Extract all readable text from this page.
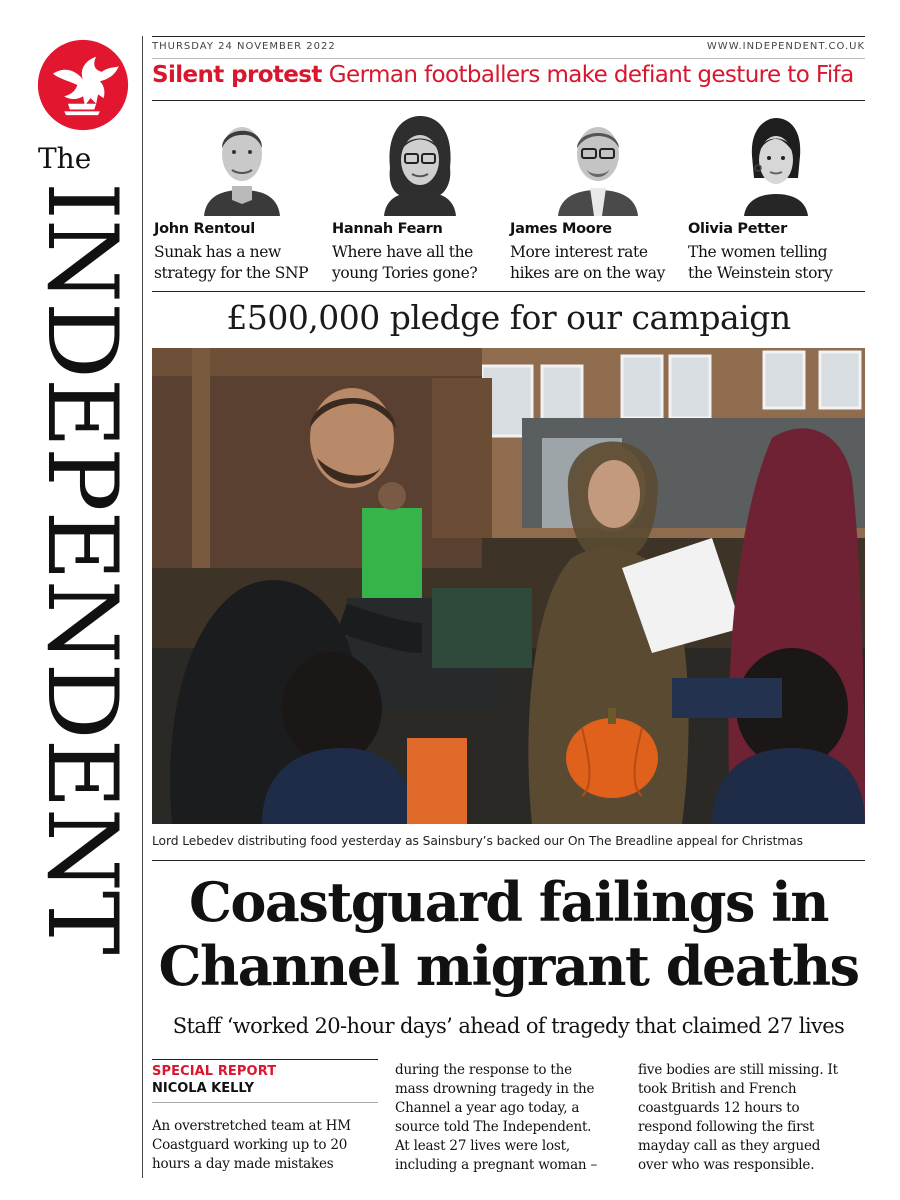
The
INDEPENDENT
THURSDAY 24 NOVEMBER 2022	WWW.INDEPENDENT.CO.UK
Silent protest German footballers make defiant gesture to Fifa
John Rentoul
Sunak has a new
strategy for the SNP
Hannah Fearn
Where have all the
young Tories gone?
James Moore
More interest rate
hikes are on the way
Olivia Petter
The women telling
the Weinstein story
£500,000 pledge for our campaign
Lord Lebedev distributing food yesterday as Sainsbury’s backed our On The Breadline appeal for Christmas
Coastguard failings in
Channel migrant deaths
Staff ‘worked 20-hour days’ ahead of tragedy that claimed 27 lives
SPECIAL REPORT
NICOLA KELLY
An overstretched team at HM
Coastguard working up to 20
hours a day made mistakes
during the response to the
mass drowning tragedy in the
Channel a year ago today, a
source told The Independent.
At least 27 lives were lost,
including a pregnant woman –
five bodies are still missing. It
took British and French
coastguards 12 hours to
respond following the first
mayday call as they argued
over who was responsible.
